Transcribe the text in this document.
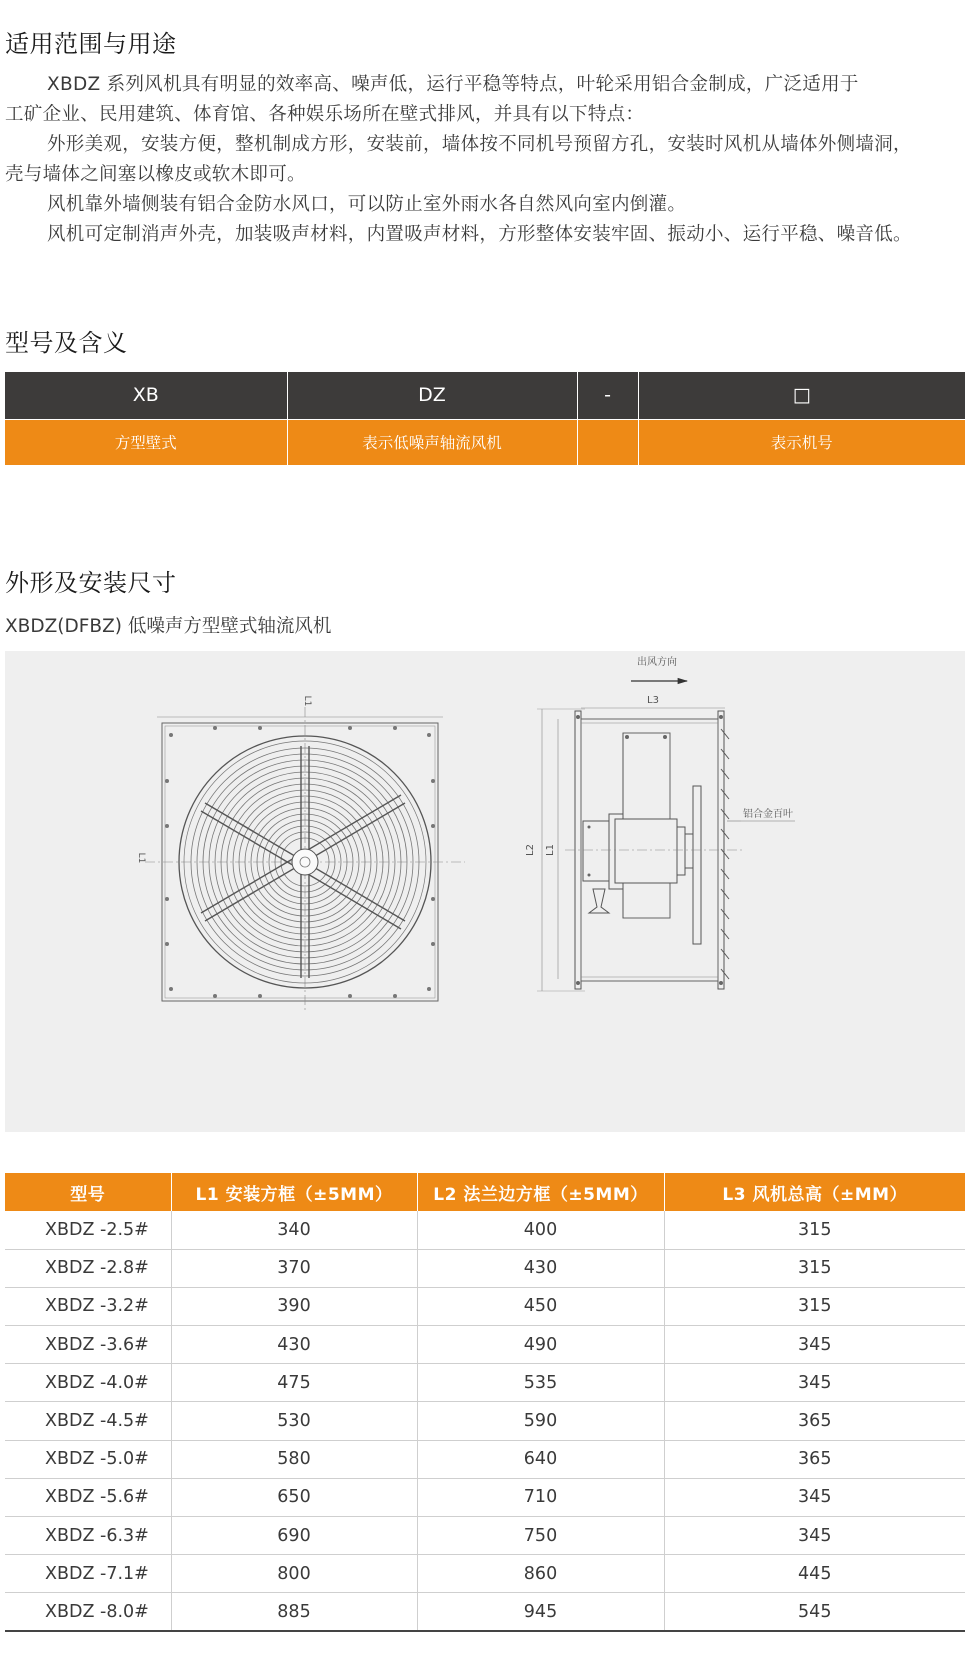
适用范围与用途

XBDZ 系列风机具有明显的效率高、噪声低，运行平稳等特点，叶轮采用铝合金制成，广泛适用于

工矿企业、民用建筑、体育馆、各种娱乐场所在壁式排风，并具有以下特点：

外形美观，安装方便，整机制成方形，安装前，墙体按不同机号预留方孔，安装时风机从墙体外侧墙洞，

壳与墙体之间塞以橡皮或软木即可。

风机靠外墙侧装有铝合金防水风口，可以防止室外雨水各自然风向室内倒灌。

风机可定制消声外壳，加装吸声材料，内置吸声材料，方形整体安装牢固、振动小、运行平稳、噪音低。

型号及含义
XB	DZ	-	□
方型壁式	表示低噪声轴流风机		表示机号
外形及安装尺寸
XBDZ(DFBZ) 低噪声方型壁式轴流风机
L1
L1
出风方向
L3
L2 L1
铝合金百叶
型号	L1 安装方框（±5MM）	L2 法兰边方框（±5MM）	L3 风机总高（±MM）
XBDZ -2.5#	340	400	315
XBDZ -2.8#	370	430	315
XBDZ -3.2#	390	450	315
XBDZ -3.6#	430	490	345
XBDZ -4.0#	475	535	345
XBDZ -4.5#	530	590	365
XBDZ -5.0#	580	640	365
XBDZ -5.6#	650	710	345
XBDZ -6.3#	690	750	345
XBDZ -7.1#	800	860	445
XBDZ -8.0#	885	945	545
